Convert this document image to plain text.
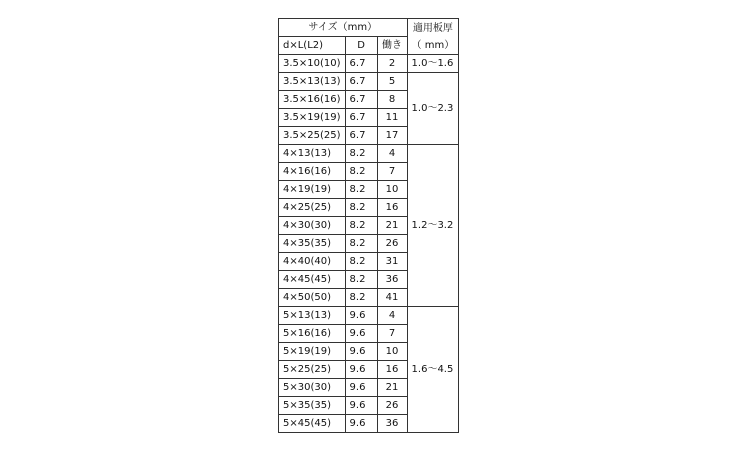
サイズ（mm）			適用板厚
（ mm）

d×L(L2)	D	働き	
3.5×10(10)	6.7	2	1.0〜1.6
3.5×13(13)	6.7	5	1.0〜2.3
3.5×16(16)	6.7	8	
3.5×19(19)	6.7	11	
3.5×25(25)	6.7	17	
4×13(13)	8.2	4	1.2〜3.2
4×16(16)	8.2	7	
4×19(19)	8.2	10	
4×25(25)	8.2	16	
4×30(30)	8.2	21	
4×35(35)	8.2	26	
4×40(40)	8.2	31	
4×45(45)	8.2	36	
4×50(50)	8.2	41	
5×13(13)	9.6	4	1.6〜4.5
5×16(16)	9.6	7	
5×19(19)	9.6	10	
5×25(25)	9.6	16	
5×30(30)	9.6	21	
5×35(35)	9.6	26	
5×45(45)	9.6	36	
